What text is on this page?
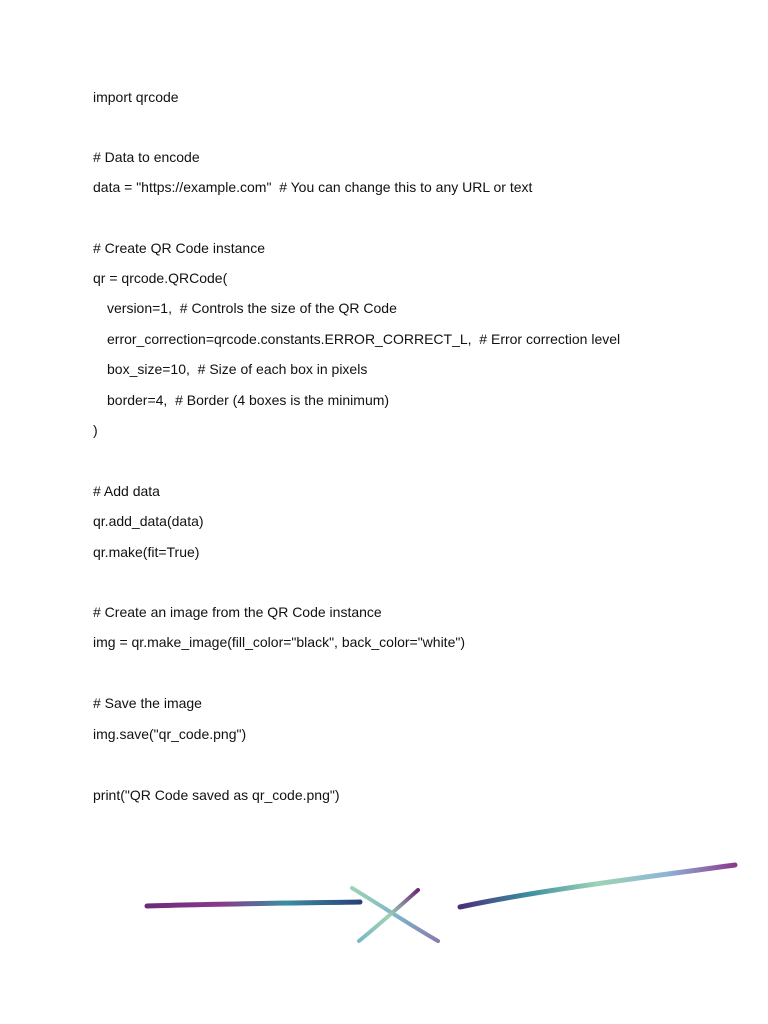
import qrcode
# Data to encode
data = "https://example.com"  # You can change this to any URL or text
# Create QR Code instance
qr = qrcode.QRCode(
version=1,  # Controls the size of the QR Code
error_correction=qrcode.constants.ERROR_CORRECT_L,  # Error correction level
box_size=10,  # Size of each box in pixels
border=4,  # Border (4 boxes is the minimum)
)
# Add data
qr.add_data(data)
qr.make(fit=True)
# Create an image from the QR Code instance
img = qr.make_image(fill_color="black", back_color="white")
# Save the image
img.save("qr_code.png")
print("QR Code saved as qr_code.png")
